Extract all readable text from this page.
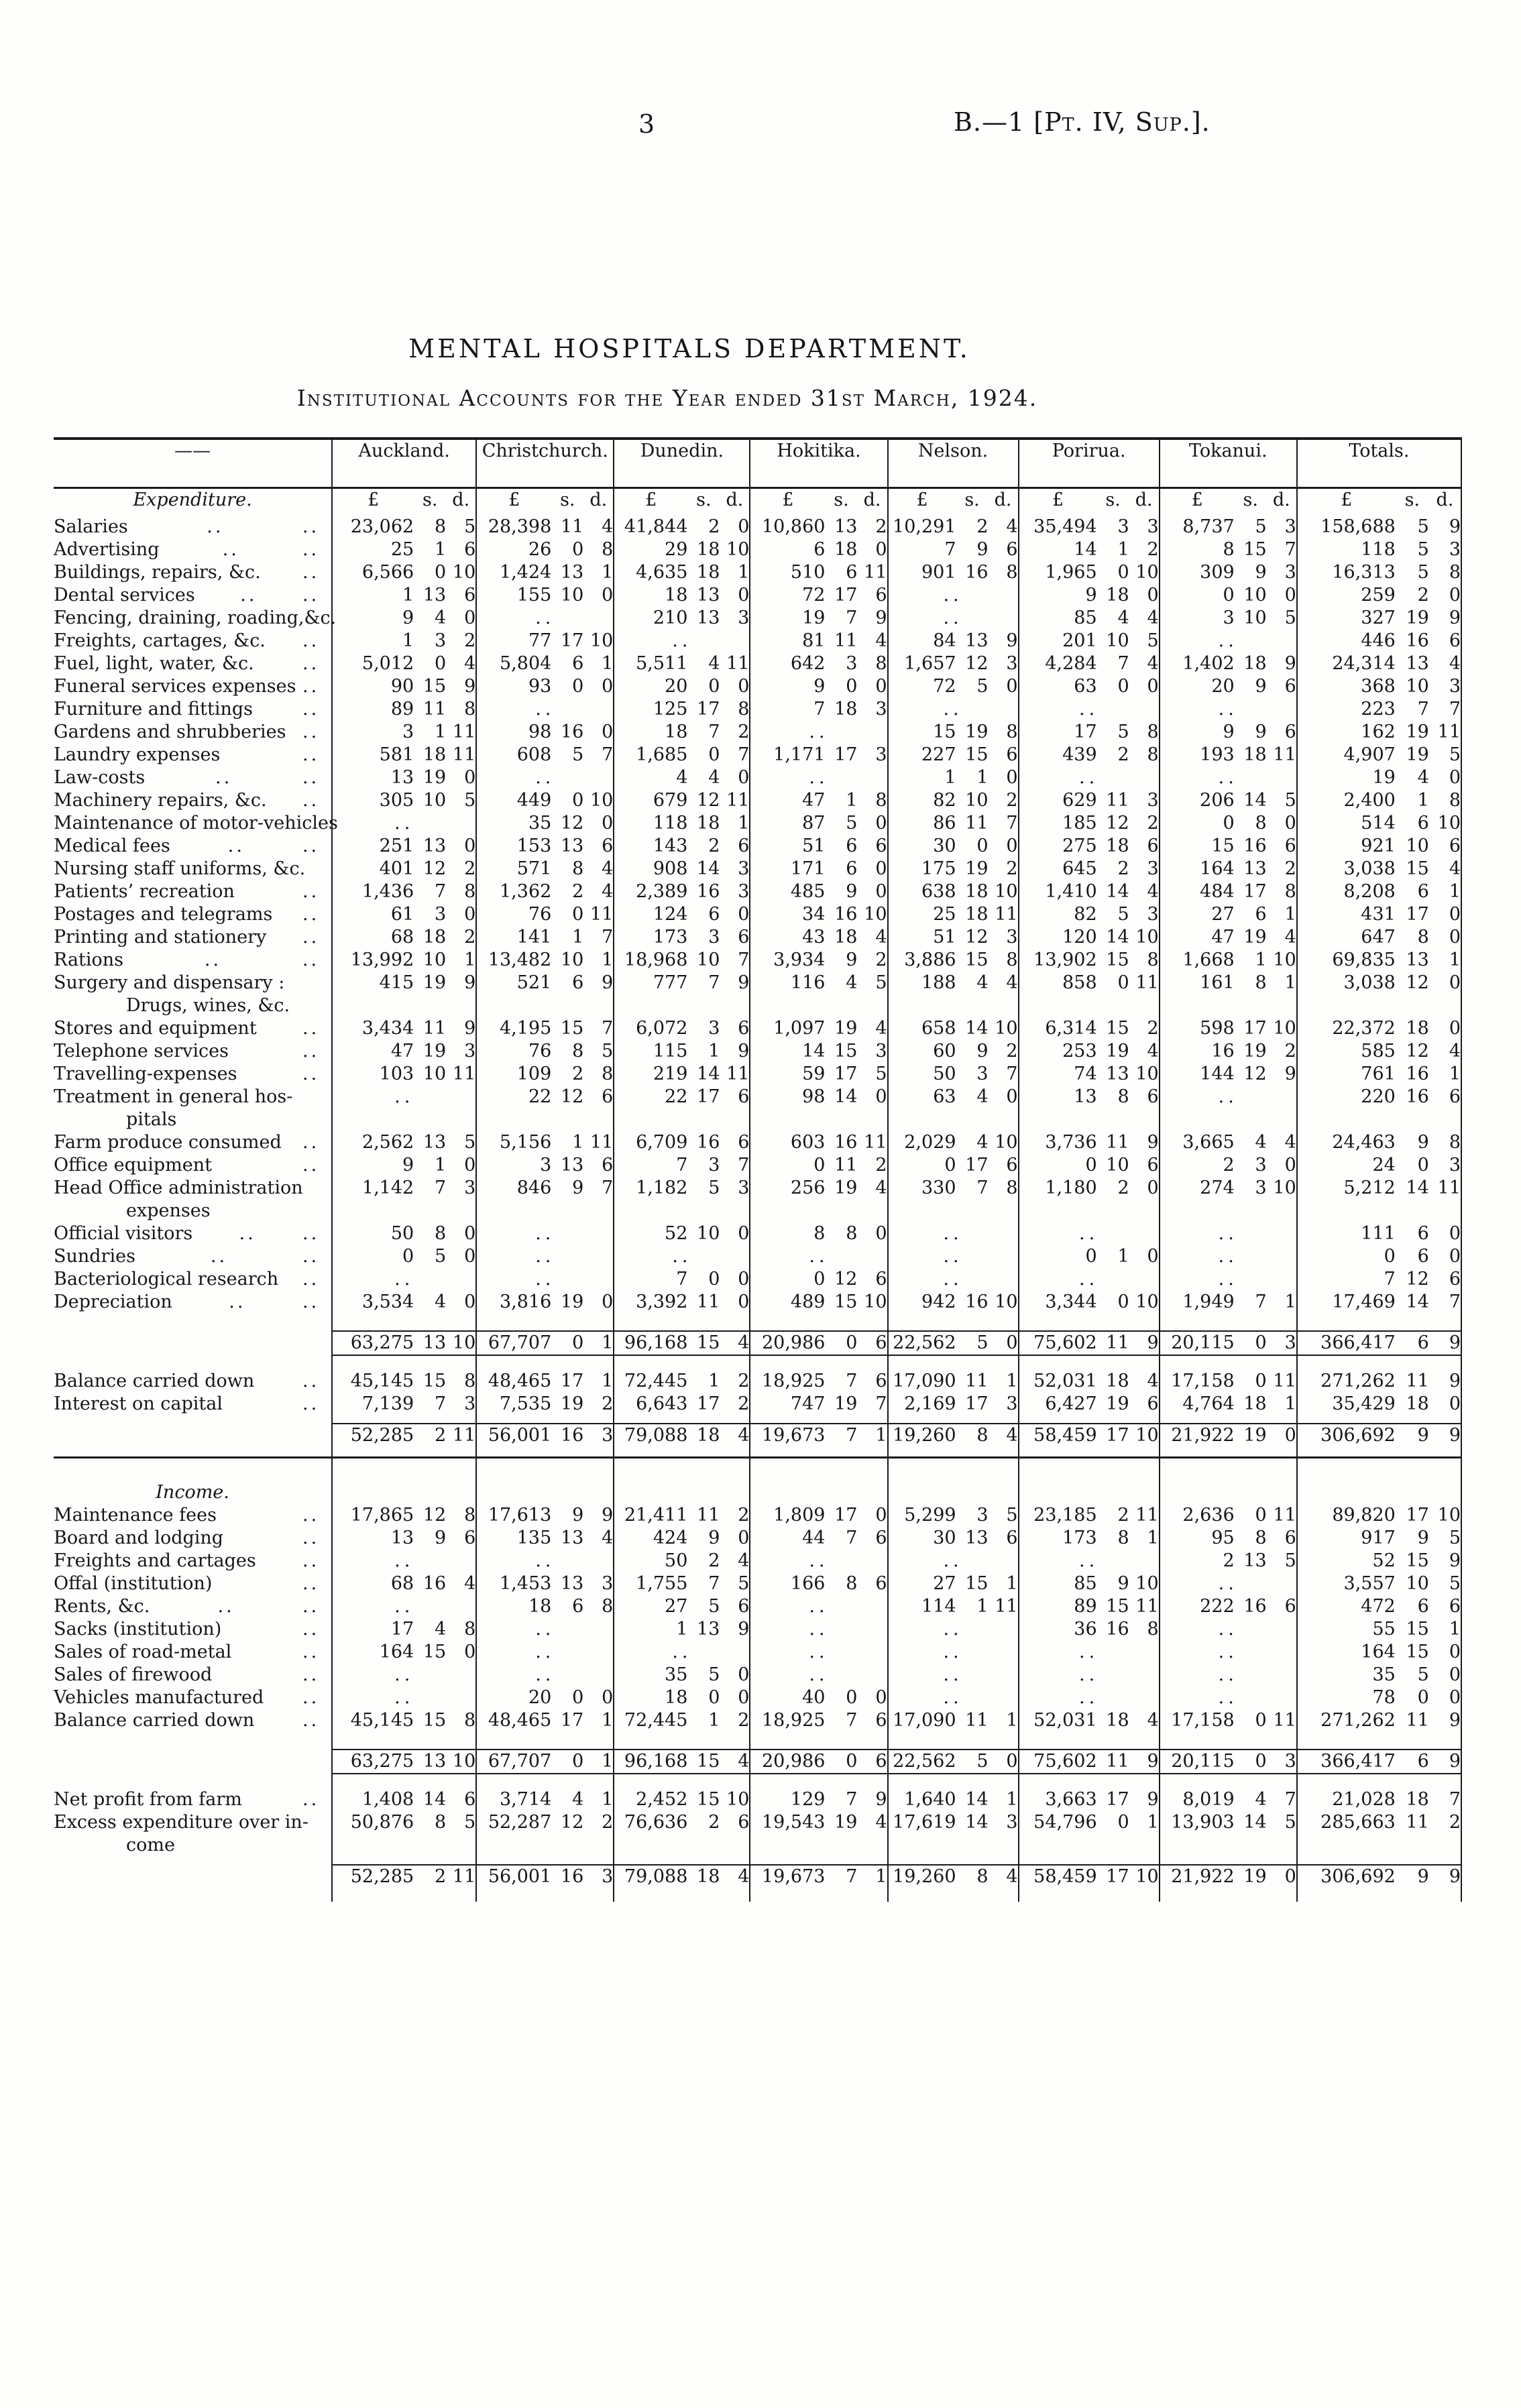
3	B.—1 [Pt. IV, Sup.].
MENTAL HOSPITALS DEPARTMENT.
Institutional Accounts for the Year ended 31st March, 1924.
——	Auckland.			Christchurch.			Dunedin.			Hokitika.			Nelson.			Porirua.			Tokanui.			Totals.		
Expenditure.	£	s.	d.	£	s.	d.	£	s.	d.	£	s.	d.	£	s.	d.	£	s.	d.	£	s.	d.	£	s.	d.

Salaries .. ..	23,062	8	5	28,398	11	4	41,844	2	0	10,860	13	2	10,291	2	4	35,494	3	3	8,737	5	3	158,688	5	9

Advertising .. ..	25	1	6	26	0	8	29	18	10	6	18	0	7	9	6	14	1	2	8	15	7	118	5	3

Buildings, repairs, &c. ..	6,566	0	10	1,424	13	1	4,635	18	1	510	6	11	901	16	8	1,965	0	10	309	9	3	16,313	5	8

Dental services .. ..	1	13	6	155	10	0	18	13	0	72	17	6	..			9	18	0	0	10	0	259	2	0

Fencing, draining, roading,&c.	9	4	0	..			210	13	3	19	7	9	..			85	4	4	3	10	5	327	19	9

Freights, cartages, &c. ..	1	3	2	77	17	10	..			81	11	4	84	13	9	201	10	5	..			446	16	6

Fuel, light, water, &c. ..	5,012	0	4	5,804	6	1	5,511	4	11	642	3	8	1,657	12	3	4,284	7	4	1,402	18	9	24,314	13	4

Funeral services expenses ..	90	15	9	93	0	0	20	0	0	9	0	0	72	5	0	63	0	0	20	9	6	368	10	3

Furniture and fittings ..	89	11	8	..			125	17	8	7	18	3	..			..			..			223	7	7

Gardens and shrubberies ..	3	1	11	98	16	0	18	7	2	..			15	19	8	17	5	8	9	9	6	162	19	11

Laundry expenses ..	581	18	11	608	5	7	1,685	0	7	1,171	17	3	227	15	6	439	2	8	193	18	11	4,907	19	5

Law-costs .. ..	13	19	0	..			4	4	0	..			1	1	0	..			..			19	4	0

Machinery repairs, &c. ..	305	10	5	449	0	10	679	12	11	47	1	8	82	10	2	629	11	3	206	14	5	2,400	1	8

Maintenance of motor-vehicles	..			35	12	0	118	18	1	87	5	0	86	11	7	185	12	2	0	8	0	514	6	10

Medical fees .. ..	251	13	0	153	13	6	143	2	6	51	6	6	30	0	0	275	18	6	15	16	6	921	10	6

Nursing staff uniforms, &c.	401	12	2	571	8	4	908	14	3	171	6	0	175	19	2	645	2	3	164	13	2	3,038	15	4

Patients’ recreation ..	1,436	7	8	1,362	2	4	2,389	16	3	485	9	0	638	18	10	1,410	14	4	484	17	8	8,208	6	1

Postages and telegrams ..	61	3	0	76	0	11	124	6	0	34	16	10	25	18	11	82	5	3	27	6	1	431	17	0

Printing and stationery ..	68	18	2	141	1	7	173	3	6	43	18	4	51	12	3	120	14	10	47	19	4	647	8	0

Rations .. ..	13,992	10	1	13,482	10	1	18,968	10	7	3,934	9	2	3,886	15	8	13,902	15	8	1,668	1	10	69,835	13	1

Surgery and dispensary :
Drugs, wines, &c.	415	19	9	521	6	9	777	7	9	116	4	5	188	4	4	858	0	11	161	8	1	3,038	12	0

Stores and equipment ..	3,434	11	9	4,195	15	7	6,072	3	6	1,097	19	4	658	14	10	6,314	15	2	598	17	10	22,372	18	0

Telephone services ..	47	19	3	76	8	5	115	1	9	14	15	3	60	9	2	253	19	4	16	19	2	585	12	4

Travelling-expenses ..	103	10	11	109	2	8	219	14	11	59	17	5	50	3	7	74	13	10	144	12	9	761	16	1

Treatment in general hos-
pitals	..			22	12	6	22	17	6	98	14	0	63	4	0	13	8	6	..			220	16	6

Farm produce consumed ..	2,562	13	5	5,156	1	11	6,709	16	6	603	16	11	2,029	4	10	3,736	11	9	3,665	4	4	24,463	9	8

Office equipment ..	9	1	0	3	13	6	7	3	7	0	11	2	0	17	6	0	10	6	2	3	0	24	0	3

Head Office administration
expenses	1,142	7	3	846	9	7	1,182	5	3	256	19	4	330	7	8	1,180	2	0	274	3	10	5,212	14	11

Official visitors .. ..	50	8	0	..			52	10	0	8	8	0	..			..			..			111	6	0

Sundries .. ..	0	5	0	..			..			..			..			0	1	0	..			0	6	0

Bacteriological research ..	..			..			7	0	0	0	12	6	..			..			..			7	12	6

Depreciation .. ..	3,534	4	0	3,816	19	0	3,392	11	0	489	15	10	942	16	10	3,344	0	10	1,949	7	1	17,469	14	7

	63,275	13	10	67,707	0	1	96,168	15	4	20,986	0	6	22,562	5	0	75,602	11	9	20,115	0	3	366,417	6	9

Balance carried down ..	45,145	15	8	48,465	17	1	72,445	1	2	18,925	7	6	17,090	11	1	52,031	18	4	17,158	0	11	271,262	11	9

Interest on capital ..	7,139	7	3	7,535	19	2	6,643	17	2	747	19	7	2,169	17	3	6,427	19	6	4,764	18	1	35,429	18	0

	52,285	2	11	56,001	16	3	79,088	18	4	19,673	7	1	19,260	8	4	58,459	17	10	21,922	19	0	306,692	9	9

Income.																								

Maintenance fees ..	17,865	12	8	17,613	9	9	21,411	11	2	1,809	17	0	5,299	3	5	23,185	2	11	2,636	0	11	89,820	17	10

Board and lodging ..	13	9	6	135	13	4	424	9	0	44	7	6	30	13	6	173	8	1	95	8	6	917	9	5

Freights and cartages ..	..			..			50	2	4	..			..			..			2	13	5	52	15	9

Offal (institution) ..	68	16	4	1,453	13	3	1,755	7	5	166	8	6	27	15	1	85	9	10	..			3,557	10	5

Rents, &c. .. ..	..			18	6	8	27	5	6	..			114	1	11	89	15	11	222	16	6	472	6	6

Sacks (institution) ..	17	4	8	..			1	13	9	..			..			36	16	8	..			55	15	1

Sales of road-metal ..	164	15	0	..			..			..			..			..			..			164	15	0

Sales of firewood ..	..			..			35	5	0	..			..			..			..			35	5	0

Vehicles manufactured ..	..			20	0	0	18	0	0	40	0	0	..			..			..			78	0	0

Balance carried down ..	45,145	15	8	48,465	17	1	72,445	1	2	18,925	7	6	17,090	11	1	52,031	18	4	17,158	0	11	271,262	11	9

	63,275	13	10	67,707	0	1	96,168	15	4	20,986	0	6	22,562	5	0	75,602	11	9	20,115	0	3	366,417	6	9

Net profit from farm ..	1,408	14	6	3,714	4	1	2,452	15	10	129	7	9	1,640	14	1	3,663	17	9	8,019	4	7	21,028	18	7

Excess expenditure over in-
come	50,876	8	5	52,287	12	2	76,636	2	6	19,543	19	4	17,619	14	3	54,796	0	1	13,903	14	5	285,663	11	2

	52,285	2	11	56,001	16	3	79,088	18	4	19,673	7	1	19,260	8	4	58,459	17	10	21,922	19	0	306,692	9	9
